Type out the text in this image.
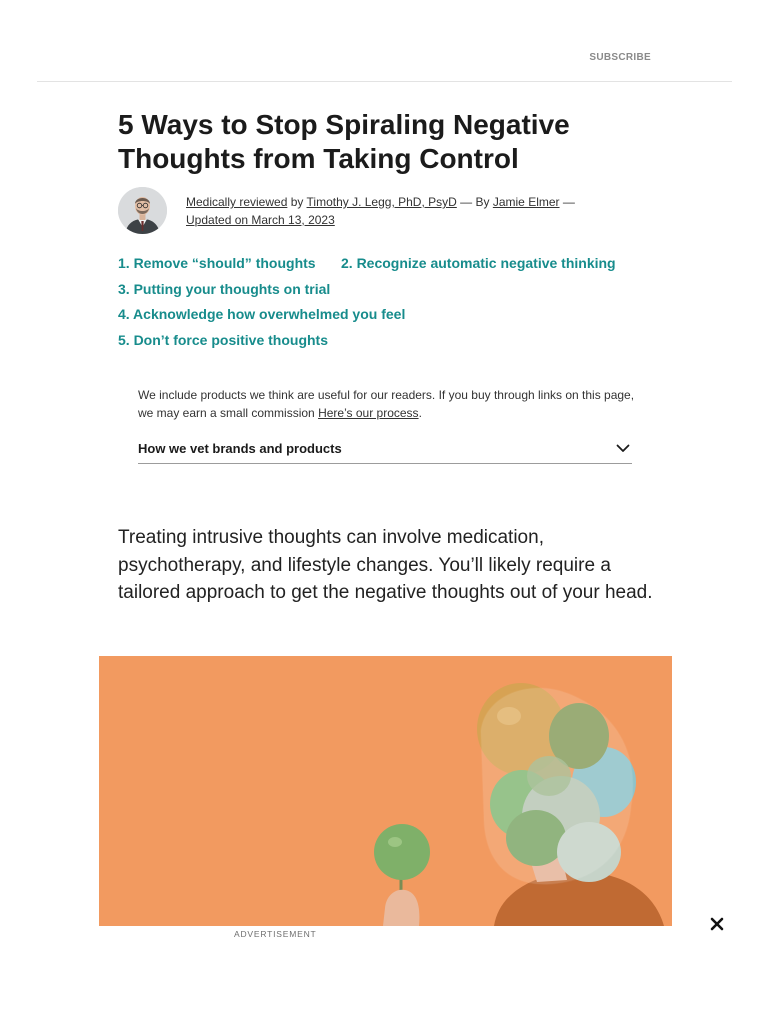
SUBSCRIBE
5 Ways to Stop Spiraling Negative Thoughts from Taking Control
Medically reviewed by Timothy J. Legg, PhD, PsyD — By Jamie Elmer —
Updated on March 13, 2023
1. Remove “should” thoughts 2. Recognize automatic negative thinking
3. Putting your thoughts on trial
4. Acknowledge how overwhelmed you feel
5. Don’t force positive thoughts
We include products we think are useful for our readers. If you buy through links on this page, we may earn a small commission Here’s our process.
How we vet brands and products

Treating intrusive thoughts can involve medication, psychotherapy, and lifestyle changes. You’ll likely require a tailored approach to get the negative thoughts out of your head.

ADVERTISEMENT
